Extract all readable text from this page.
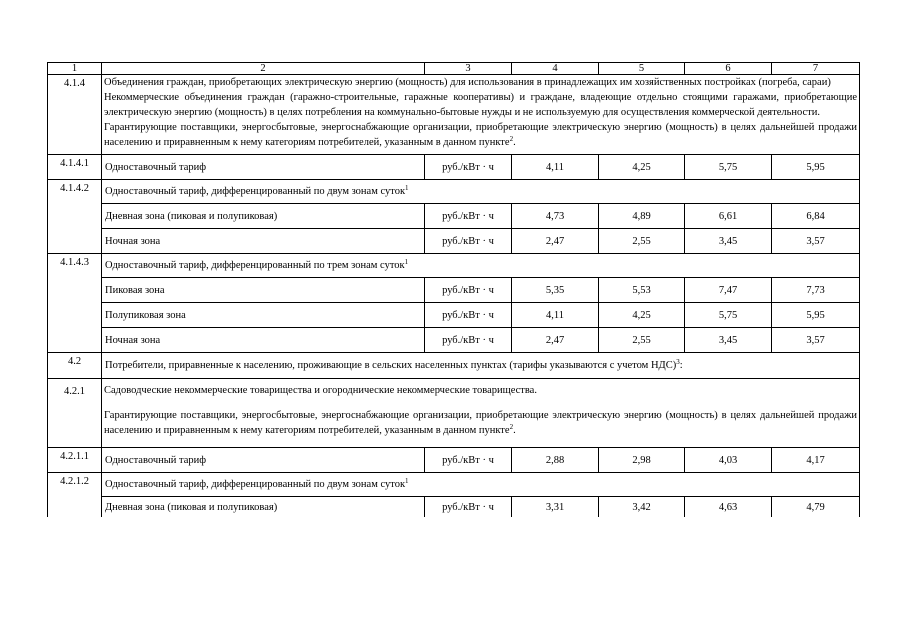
1	2	3	4	5	6	7
4.1.4	Объединения граждан, приобретающих электрическую энергию (мощность) для использования в принадлежащих им хозяйственных постройках (погреба, сараи)
Некоммерческие объединения граждан (гаражно-строительные, гаражные кооперативы) и граждане, владеющие отдельно стоящими гаражами, приобретающие электрическую энергию (мощность) в целях потребления на коммунально-бытовые нужды и не используемую для осуществления коммерческой деятельности.
Гарантирующие поставщики, энергосбытовые, энергоснабжающие организации, приобретающие электрическую энергию (мощность) в целях дальнейшей продажи населению и приравненным к нему категориям потребителей, указанным в данном пункте$^2$.					

4.1.4.1	Одноставочный тариф	руб./кВт · ч	4,11	4,25	5,75	5,95
4.1.4.2	Одноставочный тариф, дифференцированный по двум зонам суток$^1$
	Дневная зона (пиковая и полупиковая)	руб./кВт · ч	4,73	4,89	6,61	6,84
	Ночная зона	руб./кВт · ч	2,47	2,55	3,45	3,57
4.1.4.3	Одноставочный тариф, дифференцированный по трем зонам суток$^1$
	Пиковая зона	руб./кВт · ч	5,35	5,53	7,47	7,73
	Полупиковая зона	руб./кВт · ч	4,11	4,25	5,75	5,95
	Ночная зона	руб./кВт · ч	2,47	2,55	3,45	3,57
4.2	Потребители, приравненные к населению, проживающие в сельских населенных пунктах (тарифы указываются с учетом НДС)$^3$:					
4.2.1	Садоводческие некоммерческие товарищества и огороднические некоммерческие товарищества.
Гарантирующие поставщики, энергосбытовые, энергоснабжающие организации, приобретающие электрическую энергию (мощность) в целях дальнейшей продажи населению и приравненным к нему категориям потребителей, указанным в данном пункте$^2$.					

4.2.1.1	Одноставочный тариф	руб./кВт · ч	2,88	2,98	4,03	4,17
4.2.1.2	Одноставочный тариф, дифференцированный по двум зонам суток$^1$
	Дневная зона (пиковая и полупиковая)	руб./кВт · ч	3,31	3,42	4,63	4,79
